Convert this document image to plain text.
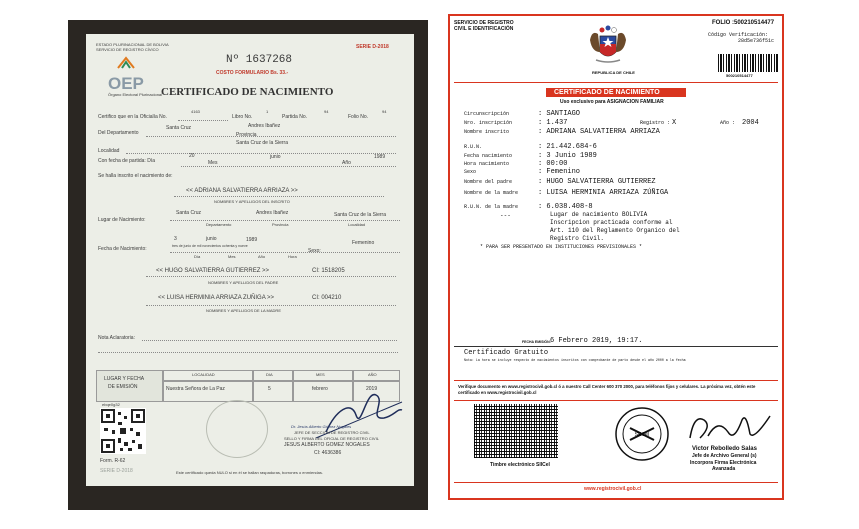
ESTADO PLURINACIONAL DE BOLIVIA
SERVICIO DE REGISTRO CÍVICO	SERIE D-2018
Nº 1637268
COSTO FORMULARIO Bs. 33.-
OEP
Órgano Electoral Plurinacional
CERTIFICADO DE NACIMIENTO
Certifico que en la Oficialía No.
4163
Libro No.
1
Partida No.
94
Folio No.
94
Del Departamento
Santa Cruz
Provincia
Andres Ibañez
Localidad
Santa Cruz de la Sierra
Con fecha de partida: Día
20
Mes
junio
Año
1989
Se halla inscrito el nacimiento de:
<< ADRIANA SALVATIERRA ARRIAZA >>
NOMBRES Y APELLIDOS DEL INSCRITO
Lugar de Nacimiento:
Santa Cruz	Andres Ibañez	Santa Cruz de la Sierra
Departamento	Provincia	Localidad
Fecha de Nacimiento:
3	junio	1989
tres de junio de mil novecientos ochenta y nueve
Sexo:
Femenino
Día	Mes	Año	Hora
<< HUGO SALVATIERRA GUTIERREZ >>	CI: 1518205
NOMBRES Y APELLIDOS DEL PADRE
<< LUISA HERMINIA ARRIAZA ZUÑIGA >>	CI: 004210
NOMBRES Y APELLIDOS DE LA MADRE
Nota Aclaratoria:
LUGAR Y FECHA
DE EMISIÓN
LOCALIDAD	DIA	MES	AÑO
Nuestra Señora de La Paz	5	febrero	2019
ebqe0g32
Dr. Jesús Alberto Gómez Nogales
JEFE DE SECCIÓN DE REGISTRO CIVIL
SELLO Y FIRMA DEL OFICIAL DE REGISTRO CIVIL
JESUS ALBERTO GOMEZ NOGALES
CI: 4636386
Form. R-62
SERIE D-2018	Este certificado queda NULO si en él se hallan raspaduras, borrones o enmiendas.
SERVICIO DE REGISTRO
CIVIL E IDENTIFICACIÓN
REPUBLICA DE CHILE
FOLIO : 500210514477
Código Verificación:
28d5e736f51c
500210514477
CERTIFICADO DE NACIMIENTO
Uso exclusivo para ASIGNACION FAMILIAR
Circunscripción	: SANTIAGO
Nro. inscripción	: 1.437	Registro : X	Año : 2004
Nombre inscrito	: ADRIANA SALVATIERRA ARRIAZA
R.U.N.	: 21.442.684-6
Fecha nacimiento	: 3 Junio 1989
Hora nacimiento	: 00:00
Sexo	: Femenino
Nombre del padre	: HUGO SALVATIERRA GUTIERREZ
Nombre de la madre	: LUISA HERMINIA ARRIAZA ZÚÑIGA
R.U.N. de la madre	: 6.038.408-8
---	Lugar de nacimiento BOLIVIA
Inscripcion practicada conforme al
Art. 110 del Reglamento Organico del
Registro Civil.
* PARA SER PRESENTADO EN INSTITUCIONES PREVISIONALES *
FECHA EMISIÓN: 6 Febrero 2019, 19:17.
Certificado Gratuito
Nota: La hora se incluye respecto de nacimientos inscritos con comprobante de parto desde el año 2000 a la fecha
Verifique documento en www.registrocivil.gob.cl ó a nuestro Call Center 600 370 2000, para teléfonos fijos y celulares. La próxima vez, obtén este certificado en www.registrocivil.gob.cl
Timbre electrónico SIICel
SRCeI
Victor Rebolledo Salas
Jefe de Archivo General (s)
Incorpora Firma Electrónica
Avanzada
www.registrocivil.gob.cl
